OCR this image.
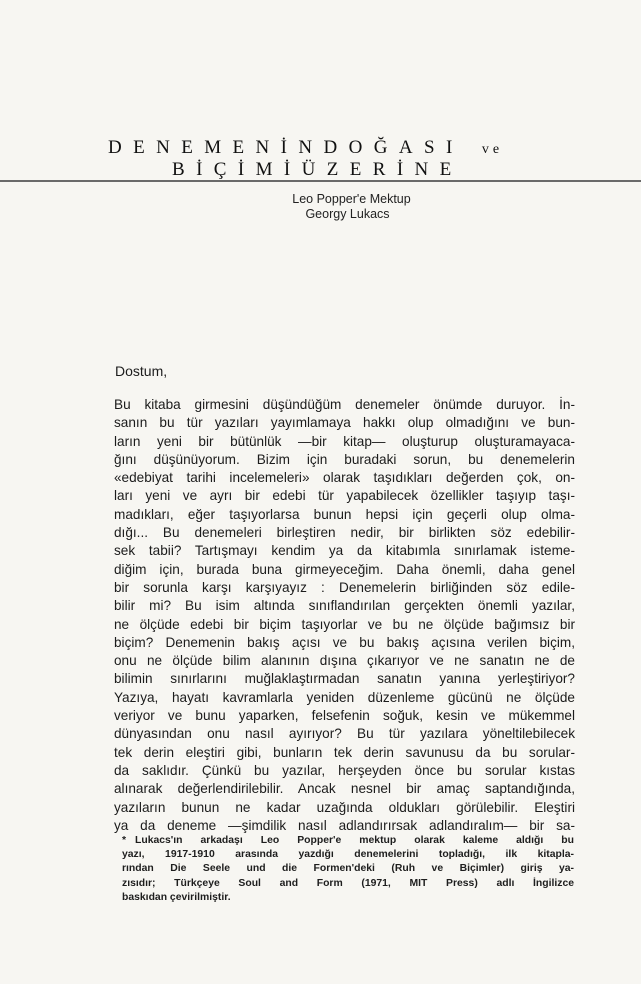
DENEMENİNDOĞASI ve
BİÇİMİÜZERİNE
Leo Popper'e Mektup
Georgy Lukacs
Dostum,
Bu kitaba girmesini düşündüğüm denemeler önümde duruyor. İn-
sanın bu tür yazıları yayımlamaya hakkı olup olmadığını ve bun-
ların yeni bir bütünlük —bir kitap— oluşturup oluşturamayaca-
ğını düşünüyorum. Bizim için buradaki sorun, bu denemelerin
«edebiyat tarihi incelemeleri» olarak taşıdıkları değerden çok, on-
ları yeni ve ayrı bir edebi tür yapabilecek özellikler taşıyıp taşı-
madıkları, eğer taşıyorlarsa bunun hepsi için geçerli olup olma-
dığı... Bu denemeleri birleştiren nedir, bir birlikten söz edebilir-
sek tabii? Tartışmayı kendim ya da kitabımla sınırlamak isteme-
diğim için, burada buna girmeyeceğim. Daha önemli, daha genel
bir sorunla karşı karşıyayız : Denemelerin birliğinden söz edile-
bilir mi? Bu isim altında sınıflandırılan gerçekten önemli yazılar,
ne ölçüde edebi bir biçim taşıyorlar ve bu ne ölçüde bağımsız bir
biçim? Denemenin bakış açısı ve bu bakış açısına verilen biçim,
onu ne ölçüde bilim alanının dışına çıkarıyor ve ne sanatın ne de
bilimin sınırlarını muğlaklaştırmadan sanatın yanına yerleştiriyor?
Yazıya, hayatı kavramlarla yeniden düzenleme gücünü ne ölçüde
veriyor ve bunu yaparken, felsefenin soğuk, kesin ve mükemmel
dünyasından onu nasıl ayırıyor? Bu tür yazılara yöneltilebilecek
tek derin eleştiri gibi, bunların tek derin savunusu da bu sorular-
da saklıdır. Çünkü bu yazılar, herşeyden önce bu sorular kıstas
alınarak değerlendirilebilir. Ancak nesnel bir amaç saptandığında,
yazıların bunun ne kadar uzağında oldukları görülebilir. Eleştiri
ya da deneme —şimdilik nasıl adlandırırsak adlandıralım— bir sa-
* Lukacs'ın arkadaşı Leo Popper'e mektup olarak kaleme aldığı bu
yazı, 1917-1910 arasında yazdığı denemelerini topladığı, ilk kitapla-
rından Die Seele und die Formen'deki (Ruh ve Biçimler) giriş ya-
zısıdır; Türkçeye Soul and Form (1971, MIT Press) adlı İngilizce
baskıdan çevirilmiştir.
